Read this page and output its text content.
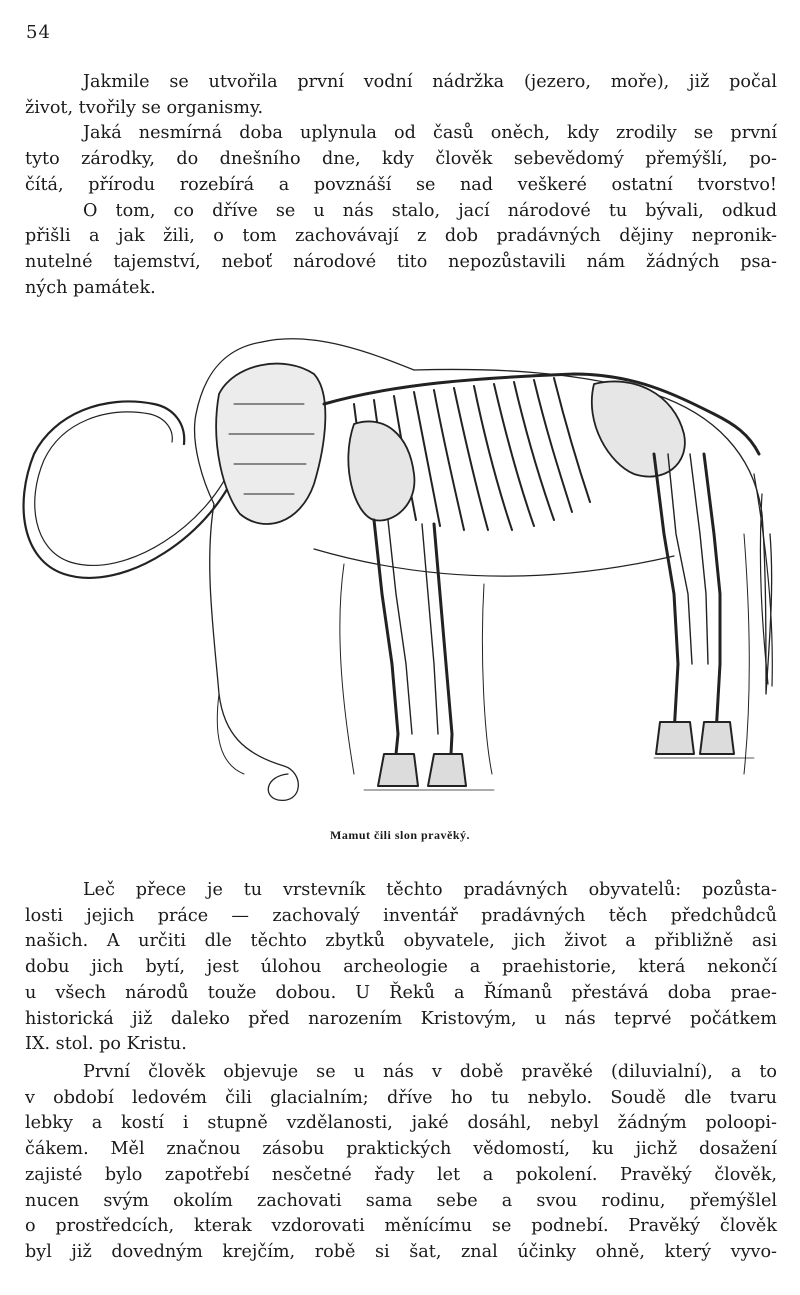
54
Jakmile se utvořila první vodní nádržka (jezero, moře), již počal
život, tvořily se organismy.
Jaká nesmírná doba uplynula od časů oněch, kdy zrodily se první
tyto zárodky, do dnešního dne, kdy člověk sebevědomý přemýšlí, po-
čítá, přírodu rozebírá a povznáší se nad veškeré ostatní tvorstvo!
O tom, co dříve se u nás stalo, jací národové tu bývali, odkud
přišli a jak žili, o tom zachovávají z dob pradávných dějiny nepronik-
nutelné tajemství, neboť národové tito nepozůstavili nám žádných psa-
ných památek.
Mamut čili slon pravěký.
Leč přece je tu vrstevník těchto pradávných obyvatelů: pozůsta-
losti jejich práce — zachovalý inventář pradávných těch předchůdců
našich. A určiti dle těchto zbytků obyvatele, jich život a přibližně asi
dobu jich bytí, jest úlohou archeologie a praehistorie, která nekončí
u všech národů touže dobou. U Řeků a Římanů přestává doba prae-
historická již daleko před narozením Kristovým, u nás teprvé počátkem
IX. stol. po Kristu.
První člověk objevuje se u nás v době pravěké (diluvialní), a to
v období ledovém čili glacialním; dříve ho tu nebylo. Soudě dle tvaru
lebky a kostí i stupně vzdělanosti, jaké dosáhl, nebyl žádným poloopi-
čákem. Měl značnou zásobu praktických vědomostí, ku jichž dosažení
zajisté bylo zapotřebí nesčetné řady let a pokolení. Pravěký člověk,
nucen svým okolím zachovati sama sebe a svou rodinu, přemýšlel
o prostředcích, kterak vzdorovati měnícímu se podnebí. Pravěký člověk
byl již dovedným krejčím, robě si šat, znal účinky ohně, který vyvo-
